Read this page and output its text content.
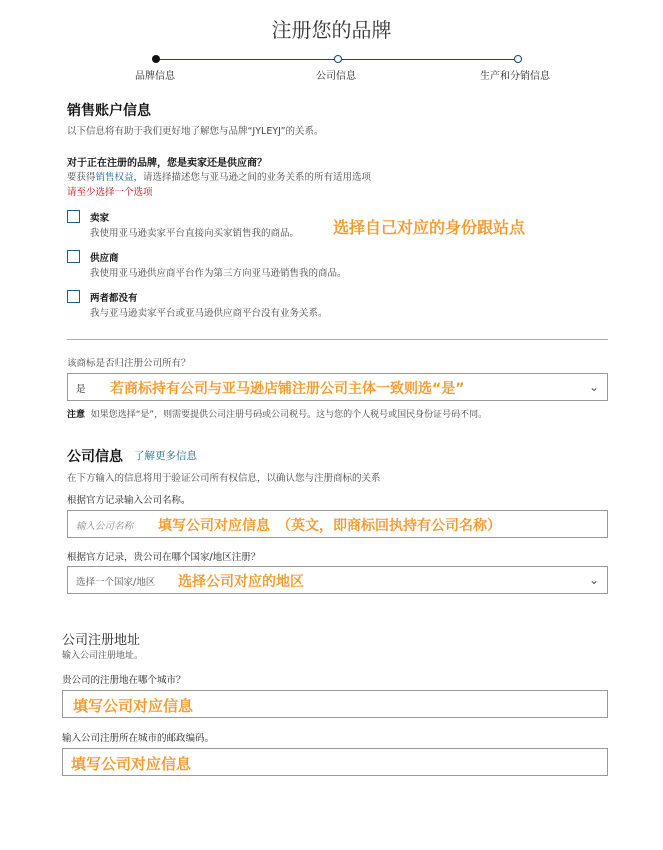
注册您的品牌
品牌信息	公司信息	生产和分销信息
销售账户信息
以下信息将有助于我们更好地了解您与品牌“JYLEYJ”的关系。
对于正在注册的品牌，您是卖家还是供应商？
要获得销售权益，请选择描述您与亚马逊之间的业务关系的所有适用选项
请至少选择一个选项
卖家
我使用亚马逊卖家平台直接向买家销售我的商品。
供应商
我使用亚马逊供应商平台作为第三方向亚马逊销售我的商品。
两者都没有
我与亚马逊卖家平台或亚马逊供应商平台没有业务关系。
选择自己对应的身份跟站点
该商标是否归注册公司所有？
是 若商标持有公司与亚马逊店铺注册公司主体一致则选“是”	⌄
注意 如果您选择“是”，则需要提供公司注册号码或公司税号。这与您的个人税号或国民身份证号码不同。
公司信息 了解更多信息
在下方输入的信息将用于验证公司所有权信息，以确认您与注册商标的关系
根据官方记录输入公司名称。
输入公司名称 填写公司对应信息　（英文，即商标回执持有公司名称）
根据官方记录，贵公司在哪个国家/地区注册？
选择一个国家/地区 选择公司对应的地区	⌄
公司注册地址
输入公司注册地址。
贵公司的注册地在哪个城市？
填写公司对应信息
输入公司注册所在城市的邮政编码。
填写公司对应信息
